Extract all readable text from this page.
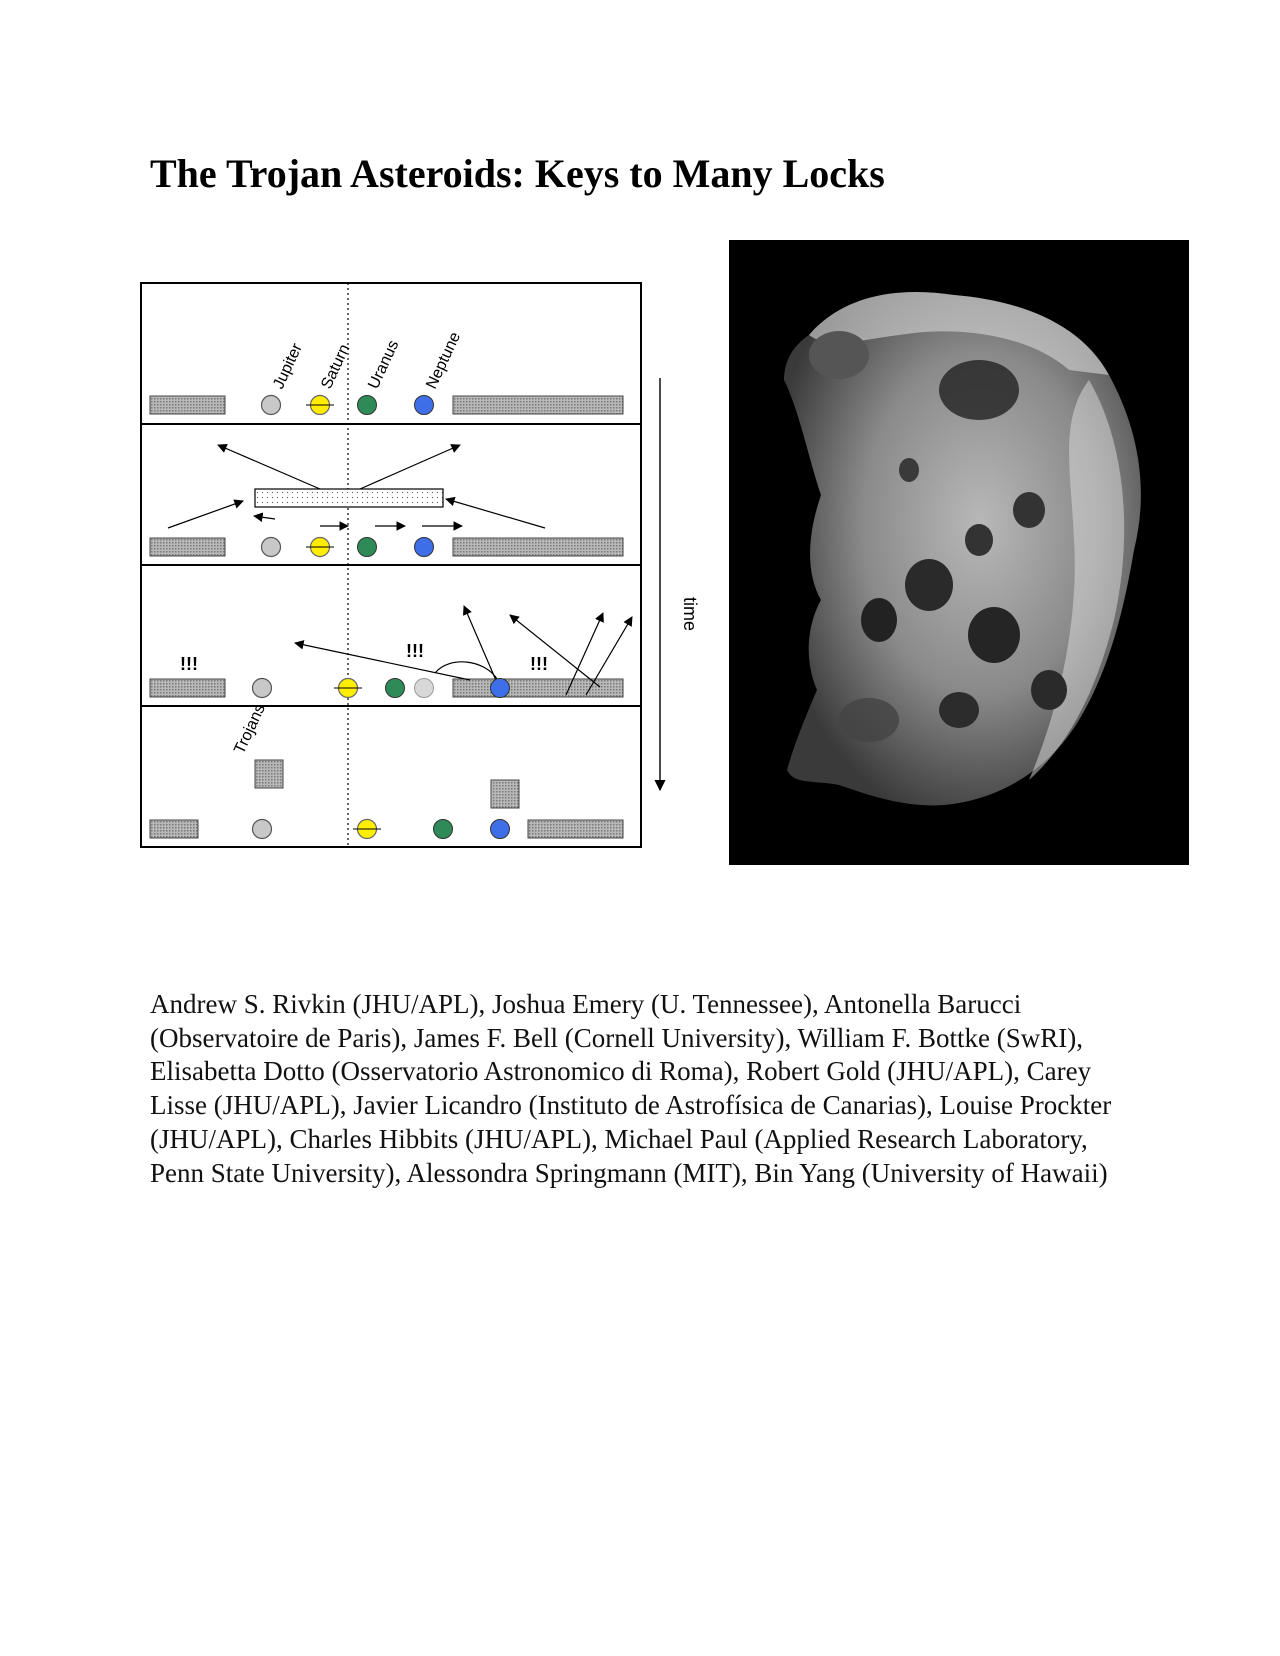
The Trojan Asteroids: Keys to Many Locks
Jupiter Saturn Uranus Neptune
!!!
!!!
!!!
Trojans
time

Andrew S. Rivkin (JHU/APL), Joshua Emery (U. Tennessee), Antonella Barucci (Observatoire de Paris), James F. Bell (Cornell University), William F. Bottke (SwRI), Elisabetta Dotto (Osservatorio Astronomico di Roma), Robert Gold (JHU/APL), Carey Lisse (JHU/APL), Javier Licandro (Instituto de Astrofísica de Canarias), Louise Prockter (JHU/APL), Charles Hibbits (JHU/APL), Michael Paul (Applied Research Laboratory, Penn State University), Alessondra Springmann (MIT), Bin Yang (University of Hawaii)
